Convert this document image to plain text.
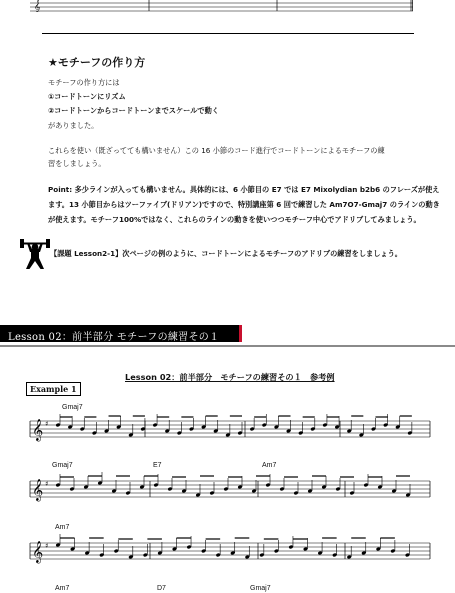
𝄞
★モチーフの作り方
モチーフの作り方には
①コードトーンにリズム
②コードトーンからコードトーンまでスケールで動く
がありました。
これらを使い（既ざってても構いません）この 16 小節のコード進行でコードトーンによるモチーフの練
習をしましょう。
Point: 多少ラインが入っても構いません。具体的には、6 小節目の E7 では E7 Mixolydian b2b6 のフレーズが使え
ます。13 小節目からはツーファイブ(ドリアン)ですので、特別講座第 6 回で練習した Am7O7-Gmaj7 のラインの動き
が使えます。モチーフ100%ではなく、これらのラインの動きを使いつつモチーフ中心でアドリブしてみましょう。
【課題 Lesson2-1】次ページの例のように、コードトーンによるモチーフのアドリブの練習をしましょう。
Lesson 02：前半部分 モチーフの練習その１
Lesson 02：前半部分　モチーフの練習その１　参考例
Example 1
Gmaj7
Gmaj7	E7	Am7
Am7
Am7	D7	Gmaj7
𝄞 ♯
𝄞 ♯
𝄞 ♯
